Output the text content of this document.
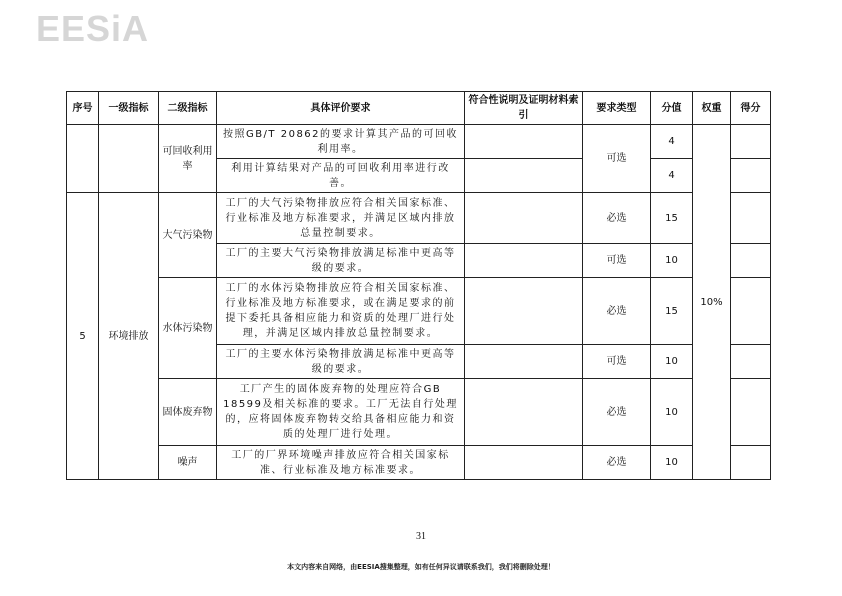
EESiA
序号	一级指标	二级指标	具体评价要求	符合性说明及证明材料索引	要求类型	分值	权重	得分
		可回收利用率	按照GB/T 20862的要求计算其产品的可回收利用率。		可选	4	10%	
			利用计算结果对产品的可回收利用率进行改善。			4		
5	环境排放	大气污染物	工厂的大气污染物排放应符合相关国家标准、行业标准及地方标准要求，并满足区域内排放总量控制要求。		必选	15		
			工厂的主要大气污染物排放满足标准中更高等级的要求。		可选	10		
		水体污染物	工厂的水体污染物排放应符合相关国家标准、行业标准及地方标准要求，或在满足要求的前提下委托具备相应能力和资质的处理厂进行处理，并满足区域内排放总量控制要求。		必选	15		
			工厂的主要水体污染物排放满足标准中更高等级的要求。		可选	10		
		固体废弃物	工厂产生的固体废弃物的处理应符合GB 18599及相关标准的要求。工厂无法自行处理的，应将固体废弃物转交给具备相应能力和资质的处理厂进行处理。		必选	10		
		噪声	工厂的厂界环境噪声排放应符合相关国家标准、行业标准及地方标准要求。		必选	10		
31
本文内容来自网络，由EESIA搜集整理，如有任何异议请联系我们，我们将删除处理！
